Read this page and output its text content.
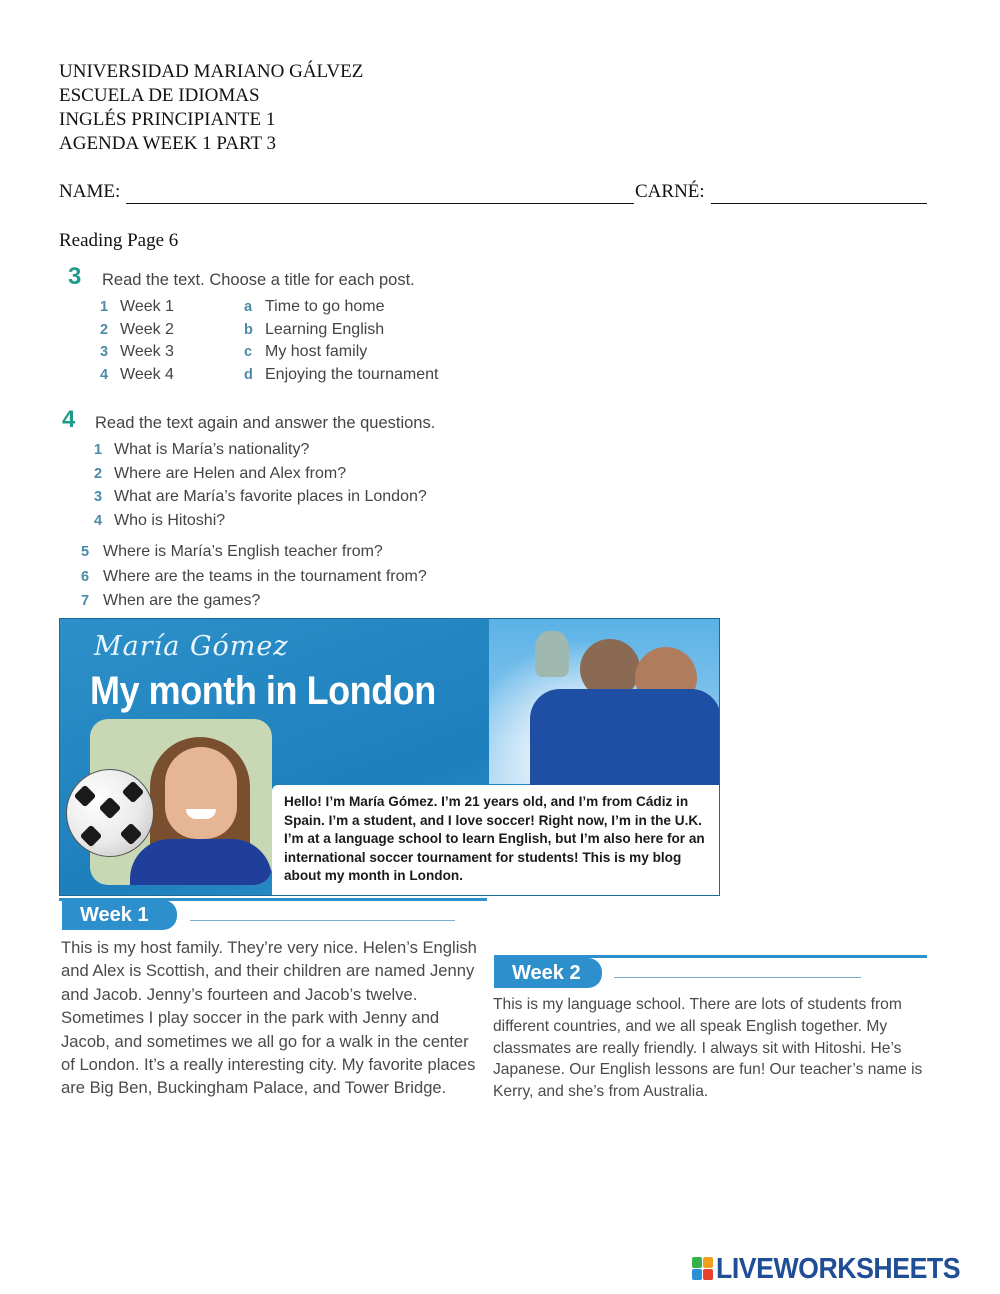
UNIVERSIDAD MARIANO GÁLVEZ
ESCUELA DE IDIOMAS
INGLÉS PRINCIPIANTE 1
AGENDA WEEK 1 PART 3
NAME:	CARNÉ:
Reading Page 6
3 Read the text. Choose a title for each post.
1 Week 1
2 Week 2
3 Week 3
4 Week 4
a Time to go home
b Learning English
c My host family
d Enjoying the tournament
4 Read the text again and answer the questions.
1 What is María’s nationality?
2 Where are Helen and Alex from?
3 What are María’s favorite places in London?
4 Who is Hitoshi?
5 Where is María’s English teacher from?
6 Where are the teams in the tournament from?
7 When are the games?
María Gómez
My month in London

Hello! I’m María Gómez. I’m 21 years old, and I’m from Cádiz in Spain. I’m a student, and I love soccer! Right now, I’m in the U.K. I’m at a language school to learn English, but I’m also here for an international soccer tournament for students! This is my blog about my month in London.

Week 1

This is my host family. They’re very nice. Helen’s English and Alex is Scottish, and their children are named Jenny and Jacob. Jenny’s fourteen and Jacob’s twelve. Sometimes I play soccer in the park with Jenny and Jacob, and sometimes we all go for a walk in the center of London. It’s a really interesting city. My favorite places are Big Ben, Buckingham Palace, and Tower Bridge.

Week 2

This is my language school. There are lots of students from different countries, and we all speak English together. My classmates are really friendly. I always sit with Hitoshi. He’s Japanese. Our English lessons are fun! Our teacher’s name is Kerry, and she’s from Australia.

LIVEWORKSHEETS
